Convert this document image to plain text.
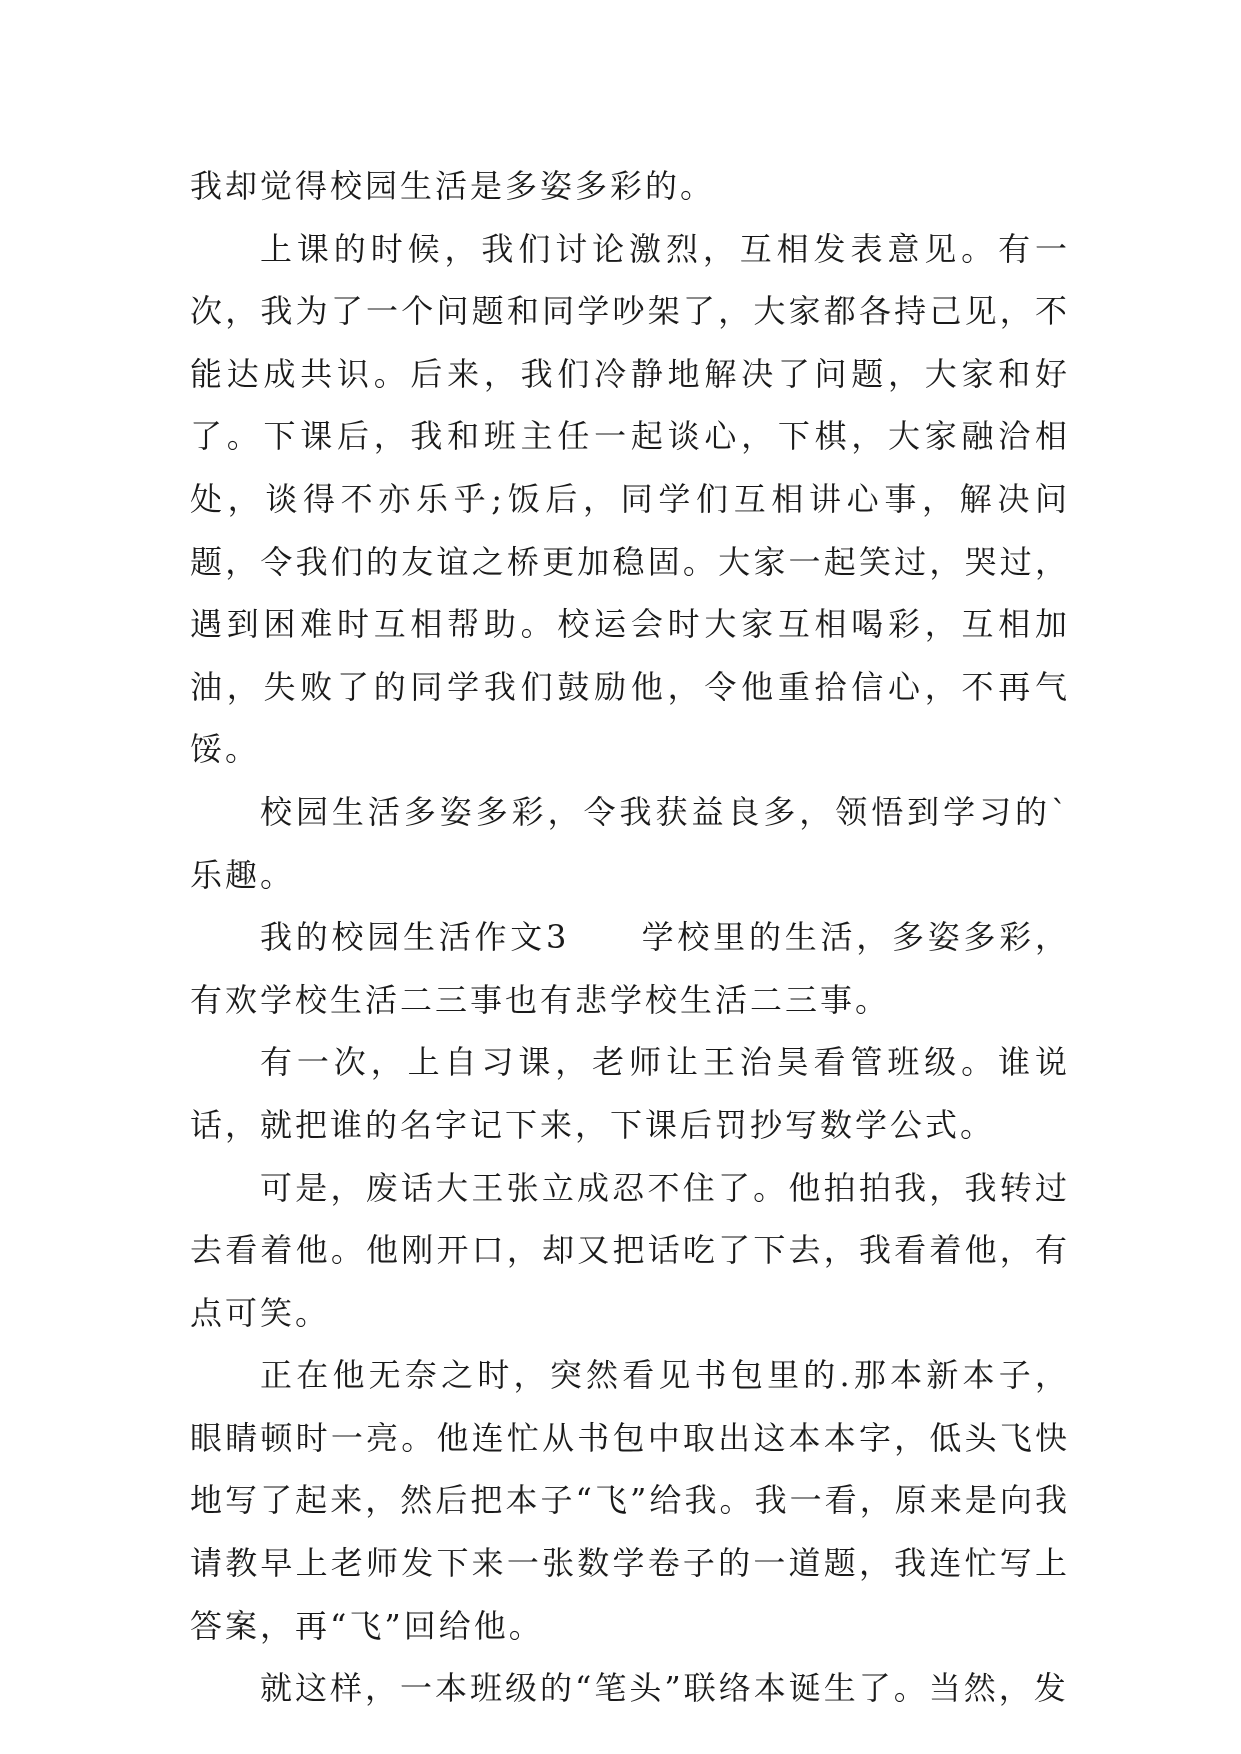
我却觉得校园生活是多姿多彩的。

上课的时候，我们讨论激烈，互相发表意见。有一次，我为了一个问题和同学吵架了，大家都各持己见，不能达成共识。后来，我们冷静地解决了问题，大家和好了。下课后，我和班主任一起谈心，下棋，大家融洽相处，谈得不亦乐乎;饭后，同学们互相讲心事，解决问题，令我们的友谊之桥更加稳固。大家一起笑过，哭过，遇到困难时互相帮助。校运会时大家互相喝彩，互相加油，失败了的同学我们鼓励他，令他重拾信心，不再气馁。

校园生活多姿多彩，令我获益良多，领悟到学习的`乐趣。

我的校园生活作文3　　学校里的生活，多姿多彩，有欢学校生活二三事也有悲学校生活二三事。

有一次，上自习课，老师让王治昊看管班级。谁说话，就把谁的名字记下来，下课后罚抄写数学公式。

可是，废话大王张立成忍不住了。他拍拍我，我转过去看着他。他刚开口，却又把话吃了下去，我看着他，有点可笑。

正在他无奈之时，突然看见书包里的.那本新本子，眼睛顿时一亮。他连忙从书包中取出这本本字，低头飞快地写了起来，然后把本子“飞”给我。我一看，原来是向我请教早上老师发下来一张数学卷子的一道题，我连忙写上答案，再“飞”回给他。

就这样，一本班级的“笔头”联络本诞生了。当然，发
